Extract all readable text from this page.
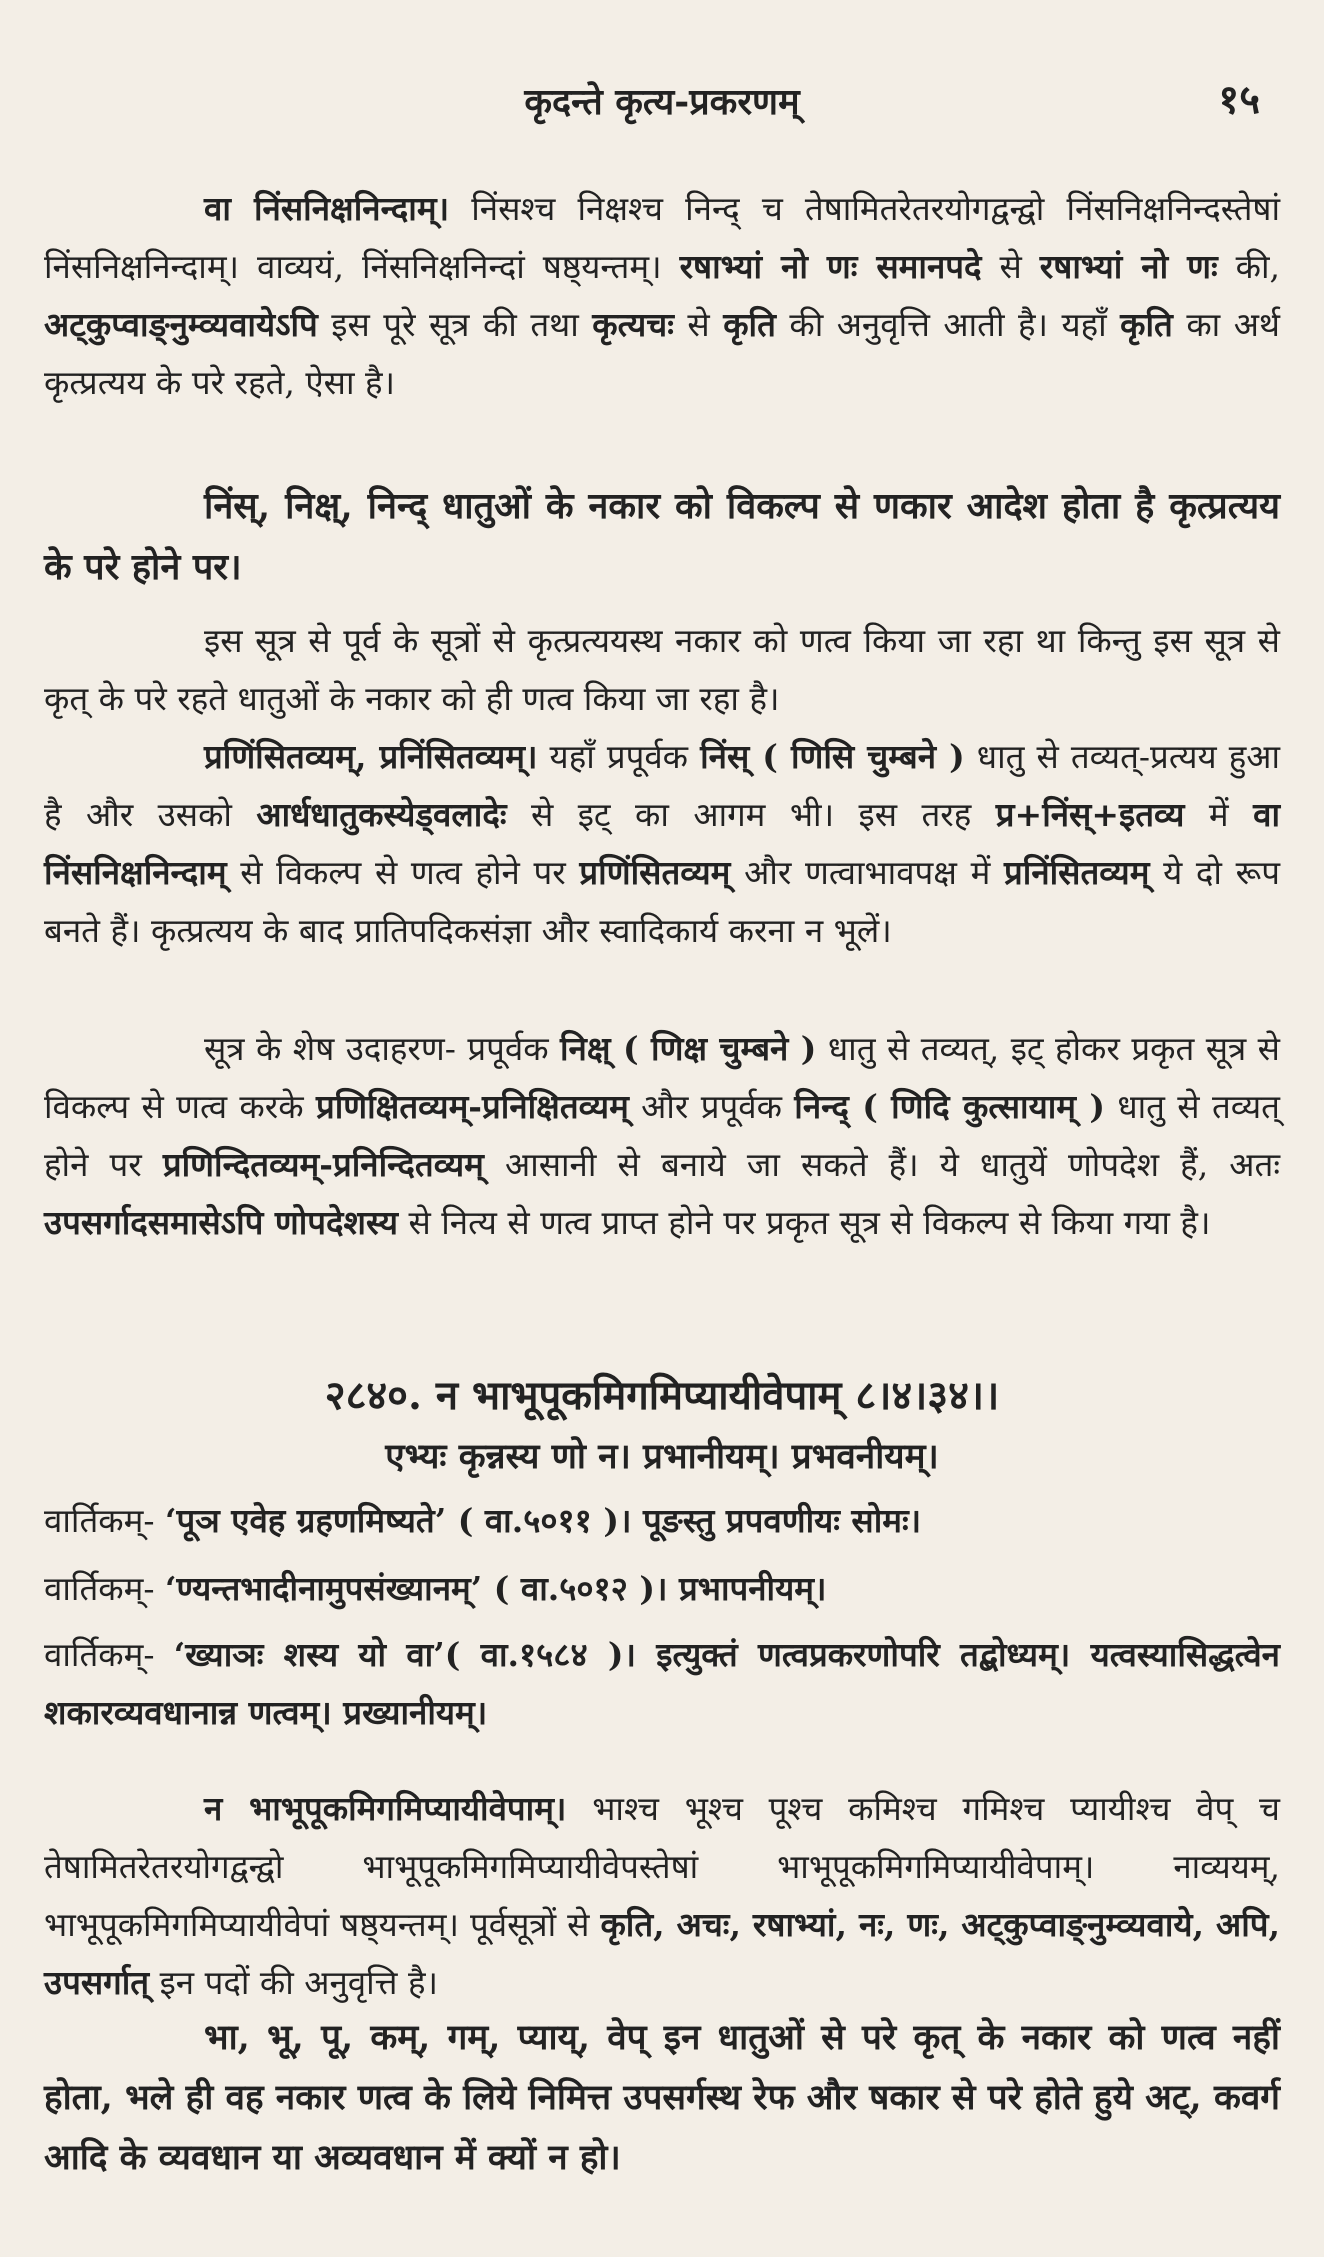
कृदन्ते कृत्य-प्रकरणम्	१५
वा निंसनिक्षनिन्दाम्। निंसश्च निक्षश्च निन्द् च तेषामितरेतरयोगद्वन्द्वो निंसनिक्षनिन्दस्तेषां निंसनिक्षनिन्दाम्। वाव्ययं, निंसनिक्षनिन्दां षष्ठ्यन्तम्। रषाभ्यां नो णः समानपदे से रषाभ्यां नो णः की, अट्कुप्वाङ्नुम्व्यवायेऽपि इस पूरे सूत्र की तथा कृत्यचः से कृति की अनुवृत्ति आती है। यहाँ कृति का अर्थ कृत्प्रत्यय के परे रहते, ऐसा है।
निंस्, निक्ष्, निन्द् धातुओं के नकार को विकल्प से णकार आदेश होता है कृत्प्रत्यय के परे होने पर।
इस सूत्र से पूर्व के सूत्रों से कृत्प्रत्ययस्थ नकार को णत्व किया जा रहा था किन्तु इस सूत्र से कृत् के परे रहते धातुओं के नकार को ही णत्व किया जा रहा है।
प्रणिंसितव्यम्, प्रनिंसितव्यम्। यहाँ प्रपूर्वक निंस् ( णिसि चुम्बने ) धातु से तव्यत्-प्रत्यय हुआ है और उसको आर्धधातुकस्येड्वलादेः से इट् का आगम भी। इस तरह प्र+निंस्+इतव्य में वा निंसनिक्षनिन्दाम् से विकल्प से णत्व होने पर प्रणिंसितव्यम् और णत्वाभावपक्ष में प्रनिंसितव्यम् ये दो रूप बनते हैं। कृत्प्रत्यय के बाद प्रातिपदिकसंज्ञा और स्वादिकार्य करना न भूलें।
सूत्र के शेष उदाहरण- प्रपूर्वक निक्ष् ( णिक्ष चुम्बने ) धातु से तव्यत्, इट् होकर प्रकृत सूत्र से विकल्प से णत्व करके प्रणिक्षितव्यम्-प्रनिक्षितव्यम् और प्रपूर्वक निन्द् ( णिदि कुत्सायाम् ) धातु से तव्यत् होने पर प्रणिन्दितव्यम्-प्रनिन्दितव्यम् आसानी से बनाये जा सकते हैं। ये धातुयें णोपदेश हैं, अतः उपसर्गादसमासेऽपि णोपदेशस्य से नित्य से णत्व प्राप्त होने पर प्रकृत सूत्र से विकल्प से किया गया है।
२८४०. न भाभूपूकमिगमिप्यायीवेपाम् ८।४।३४।।
एभ्यः कृन्नस्य णो न। प्रभानीयम्। प्रभवनीयम्।
वार्तिकम्- ‘पूञ एवेह ग्रहणमिष्यते’ ( वा.५०११ )। पूङस्तु प्रपवणीयः सोमः।
वार्तिकम्- ‘ण्यन्तभादीनामुपसंख्यानम्’ ( वा.५०१२ )। प्रभापनीयम्।
वार्तिकम्- ‘ख्याञः शस्य यो वा’( वा.१५८४ )। इत्युक्तं णत्वप्रकरणोपरि तद्बोध्यम्। यत्वस्यासिद्धत्वेन शकारव्यवधानान्न णत्वम्। प्रख्यानीयम्।
न भाभूपूकमिगमिप्यायीवेपाम्। भाश्च भूश्च पूश्च कमिश्च गमिश्च प्यायीश्च वेप् च तेषामितरेतरयोगद्वन्द्वो भाभूपूकमिगमिप्यायीवेपस्तेषां भाभूपूकमिगमिप्यायीवेपाम्। नाव्ययम्, भाभूपूकमिगमिप्यायीवेपां षष्ठ्यन्तम्। पूर्वसूत्रों से कृति, अचः, रषाभ्यां, नः, णः, अट्कुप्वाङ्नुम्व्यवाये, अपि, उपसर्गात् इन पदों की अनुवृत्ति है।
भा, भू, पू, कम्, गम्, प्याय्, वेप् इन धातुओं से परे कृत् के नकार को णत्व नहीं होता, भले ही वह नकार णत्व के लिये निमित्त उपसर्गस्थ रेफ और षकार से परे होते हुये अट्, कवर्ग आदि के व्यवधान या अव्यवधान में क्यों न हो।
